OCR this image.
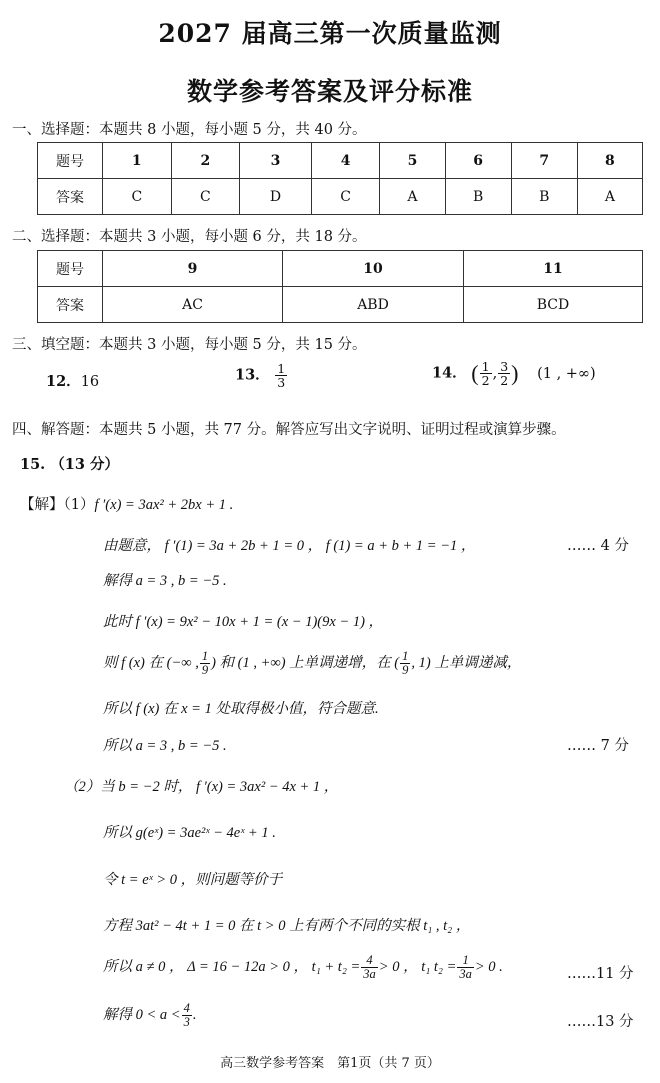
2027 届高三第一次质量监测
数学参考答案及评分标准
一、选择题：本题共 8 小题，每小题 5 分，共 40 分。
题号	1	2	3	4	5	6	7	8
答案	C	C	D	C	A	B	B	A
二、选择题：本题共 3 小题，每小题 6 分，共 18 分。
题号	9	10	11
答案	AC	ABD	BCD
三、填空题：本题共 3 小题，每小题 5 分，共 15 分。
12．16	13． $\frac{1}{3}$	14． ( $\frac{1}{2}$ , $\frac{3}{2}$ ) (1 , +∞)
四、解答题：本题共 5 小题，共 77 分。解答应写出文字说明、证明过程或演算步骤。
15. （13 分）
【解】（1）f ′(x) = 3ax² + 2bx + 1 .
由题意， f ′(1) = 3a + 2b + 1 = 0 ， f (1) = a + b + 1 = −1 ，	…… 4 分
解得 a = 3 , b = −5 .
此时 f ′(x) = 9x² − 10x + 1 = (x − 1)(9x − 1) ，
则 f (x) 在 (−∞ , $\frac{1}{9}$ ) 和 (1 , +∞) 上单调递增，在 ( $\frac{1}{9}$ , 1) 上单调递减，
所以 f (x) 在 x = 1 处取得极小值，符合题意.
所以 a = 3 , b = −5 .	…… 7 分
（2）当 b = −2 时， f ′(x) = 3ax² − 4x + 1 ，
所以 g(eˣ) = 3ae²ˣ − 4eˣ + 1 .
令 t = eˣ > 0 ，则问题等价于
方程 3at² − 4t + 1 = 0 在 t > 0 上有两个不同的实根 t₁ , t₂ ，
所以 a ≠ 0 ， Δ = 16 − 12a > 0 ， $t_1 + t_2 = \frac{4}{3a} > 0$ ， t₁ $t_2 = \frac{1}{3a} > 0$ .	……11 分
解得 $0 < a < \frac{4}{3}$ .	……13 分
高三数学参考答案　第1页（共 7 页）
